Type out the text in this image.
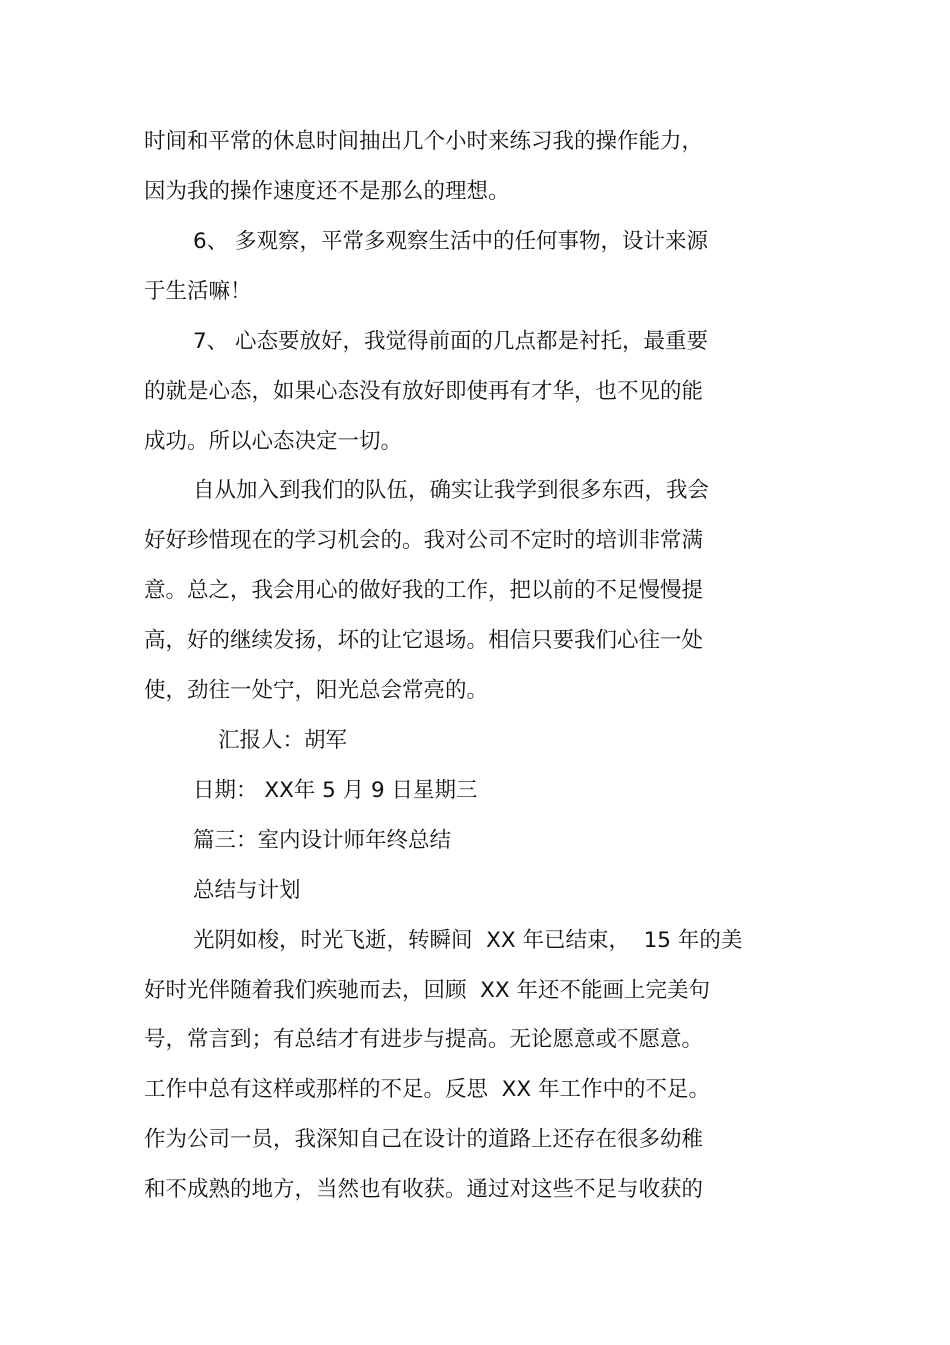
时间和平常的休息时间抽出几个小时来练习我的操作能力，
因为我的操作速度还不是那么的理想。
6、 多观察，平常多观察生活中的任何事物，设计来源
于生活嘛！
7、 心态要放好，我觉得前面的几点都是衬托，最重要
的就是心态，如果心态没有放好即使再有才华，也不见的能
成功。所以心态决定一切。
自从加入到我们的队伍，确实让我学到很多东西，我会
好好珍惜现在的学习机会的。我对公司不定时的培训非常满
意。总之，我会用心的做好我的工作，把以前的不足慢慢提
高，好的继续发扬，坏的让它退场。相信只要我们心往一处
使，劲往一处宁，阳光总会常亮的。
汇报人：胡军
日期： XX年 5 月 9 日星期三
篇三：室内设计师年终总结
总结与计划
光阴如梭，时光飞逝，转瞬间  XX 年已结束，  15 年的美
好时光伴随着我们疾驰而去，回顾  XX 年还不能画上完美句
号，常言到；有总结才有进步与提高。无论愿意或不愿意。
工作中总有这样或那样的不足。反思  XX 年工作中的不足。
作为公司一员，我深知自己在设计的道路上还存在很多幼稚
和不成熟的地方，当然也有收获。通过对这些不足与收获的
